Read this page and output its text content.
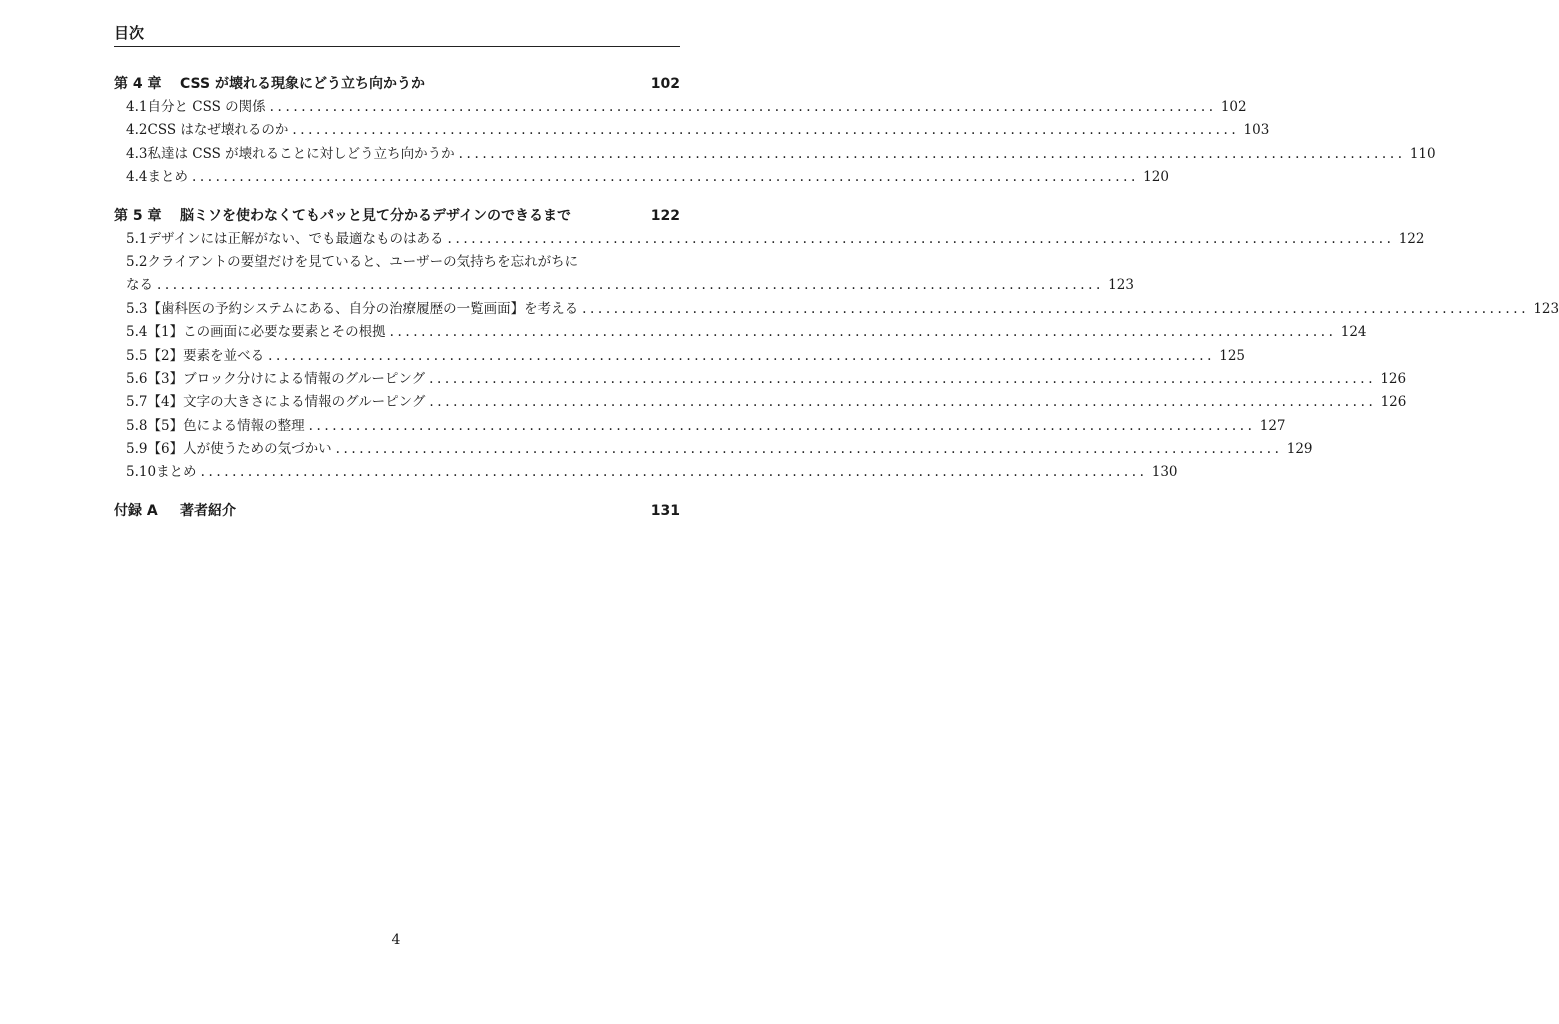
目次
第 4 章	CSS が壊れる現象にどう立ち向かうか	102
4.1 自分と CSS の関係 ........................................................................................................................ 102
4.2 CSS はなぜ壊れるのか ........................................................................................................................ 103
4.3 私達は CSS が壊れることに対しどう立ち向かうか ........................................................................................................................ 110
4.4 まとめ ........................................................................................................................ 120
第 5 章	脳ミソを使わなくてもパッと見て分かるデザインのできるまで	122
5.1 デザインには正解がない、でも最適なものはある ........................................................................................................................ 122
5.2 クライアントの要望だけを見ていると、ユーザーの気持ちを忘れがちに
なる ........................................................................................................................ 123
5.3 【歯科医の予約システムにある、自分の治療履歴の一覧画面】を考える ........................................................................................................................ 123
5.4 【1】この画面に必要な要素とその根拠 ........................................................................................................................ 124
5.5 【2】要素を並べる ........................................................................................................................ 125
5.6 【3】ブロック分けによる情報のグルーピング ........................................................................................................................ 126
5.7 【4】文字の大きさによる情報のグルーピング ........................................................................................................................ 126
5.8 【5】色による情報の整理 ........................................................................................................................ 127
5.9 【6】人が使うための気づかい ........................................................................................................................ 129
5.10 まとめ ........................................................................................................................ 130
付録 A	著者紹介	131
4
